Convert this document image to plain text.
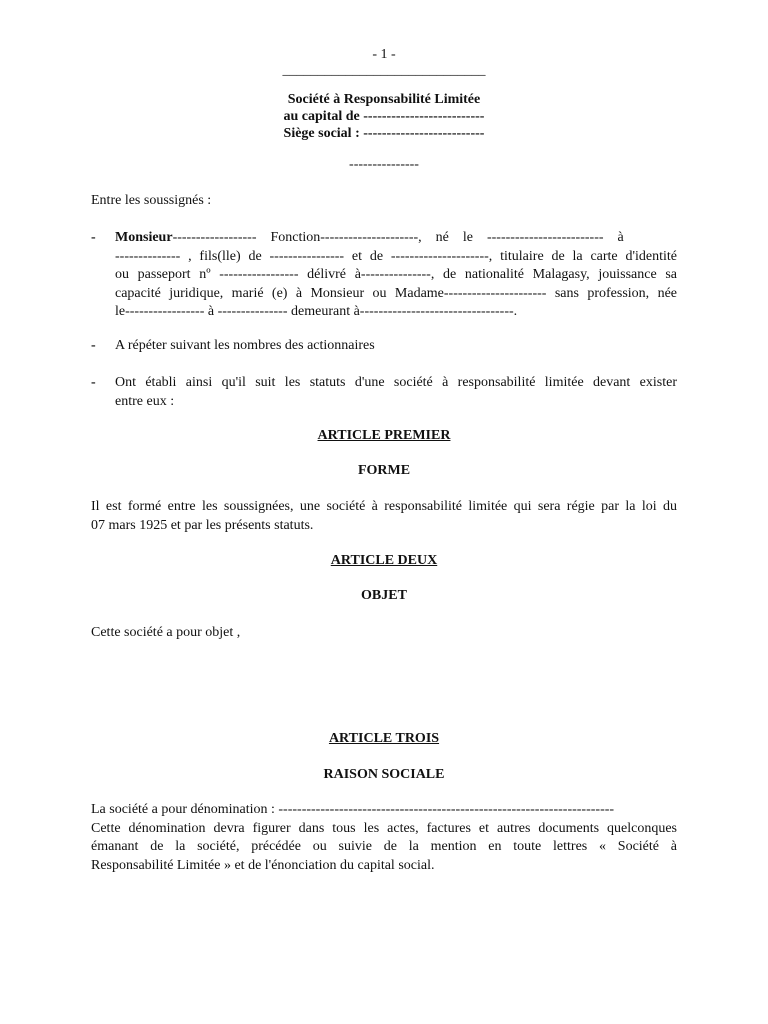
- 1 -
_____________________________
Société à Responsabilité Limitée
au capital de --------------------------
Siège social : --------------------------
---------------
Entre les soussignés :
- Monsieur ------------------    Fonction---------------------,    né    le    -------------------------    à
-------------- , fils(lle) de ---------------- et de ---------------------, titulaire de la carte d'identité
ou passeport nº ----------------- délivré à---------------, de nationalité Malagasy, jouissance sa
capacité juridique, marié (e) à Monsieur ou Madame---------------------- sans profession, née
le----------------- à --------------- demeurant à---------------------------------.
- A répéter suivant les nombres des actionnaires
- Ont établi ainsi qu'il suit les statuts d'une société à responsabilité limitée devant exister
entre eux :
ARTICLE PREMIER
FORME
Il est formé entre les soussignées, une société à responsabilité limitée qui sera régie par la loi du
07 mars 1925 et par les présents statuts.
ARTICLE DEUX
OBJET
Cette société a pour objet ,
ARTICLE TROIS
RAISON SOCIALE
La société a pour dénomination : ------------------------------------------------------------------------
Cette dénomination devra figurer dans tous les actes, factures et autres documents quelconques
émanant de la société, précédée ou suivie de la mention en toute lettres « Société à
Responsabilité Limitée » et de l'énonciation du capital social.
